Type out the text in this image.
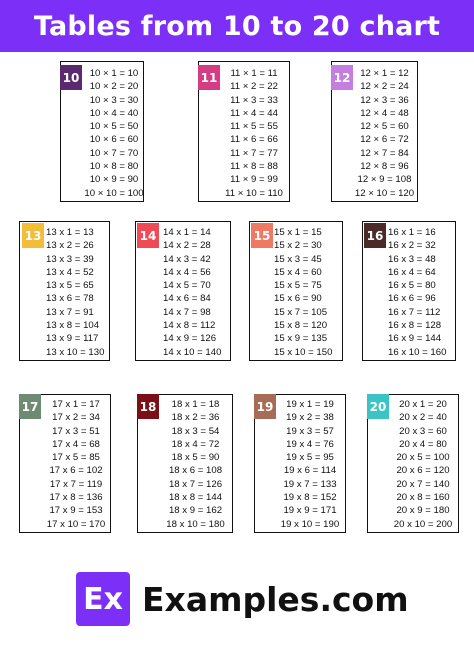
Tables from 10 to 20 chart
10	10 × 1 = 10
10 × 2 = 20
10 × 3 = 30
10 × 4 = 40
10 × 5 = 50
10 × 6 = 60
10 × 7 = 70
10 × 8 = 80
10 × 9 = 90
10 × 10 = 100
11	11 × 1 = 11
11 × 2 = 22
11 × 3 = 33
11 × 4 = 44
11 × 5 = 55
11 × 6 = 66
11 × 7 = 77
11 × 8 = 88
11 × 9 = 99
11 × 10 = 110
12	12 × 1 = 12
12 × 2 = 24
12 × 3 = 36
12 × 4 = 48
12 × 5 = 60
12 × 6 = 72
12 × 7 = 84
12 × 8 = 96
12 × 9 = 108
12 × 10 = 120
13 13 x 1 = 13
13 x 2 = 26
13 x 3 = 39
13 x 4 = 52
13 x 5 = 65
13 x 6 = 78
13 x 7 = 91
13 x 8 = 104
13 x 9 = 117
13 x 10 = 130
14 14 x 1 = 14
14 x 2 = 28
14 x 3 = 42
14 x 4 = 56
14 x 5 = 70
14 x 6 = 84
14 x 7 = 98
14 x 8 = 112
14 x 9 = 126
14 x 10 = 140
15 15 x 1 = 15
15 x 2 = 30
15 x 3 = 45
15 x 4 = 60
15 x 5 = 75
15 x 6 = 90
15 x 7 = 105
15 x 8 = 120
15 x 9 = 135
15 x 10 = 150
16 16 x 1 = 16
16 x 2 = 32
16 x 3 = 48
16 x 4 = 64
16 x 5 = 80
16 x 6 = 96
16 x 7 = 112
16 x 8 = 128
16 x 9 = 144
16 x 10 = 160
17	17 x 1 = 17
17 x 2 = 34
17 x 3 = 51
17 x 4 = 68
17 x 5 = 85
17 x 6 = 102
17 x 7 = 119
17 x 8 = 136
17 x 9 = 153
17 x 10 = 170
18	18 x 1 = 18
18 x 2 = 36
18 x 3 = 54
18 x 4 = 72
18 x 5 = 90
18 x 6 = 108
18 x 7 = 126
18 x 8 = 144
18 x 9 = 162
18 x 10 = 180
19	19 x 1 = 19
19 x 2 = 38
19 x 3 = 57
19 x 4 = 76
19 x 5 = 95
19 x 6 = 114
19 x 7 = 133
19 x 8 = 152
19 x 9 = 171
19 x 10 = 190
20	20 x 1 = 20
20 x 2 = 40
20 x 3 = 60
20 x 4 = 80
20 x 5 = 100
20 x 6 = 120
20 x 7 = 140
20 x 8 = 160
20 x 9 = 180
20 x 10 = 200
Ex Examples.com
